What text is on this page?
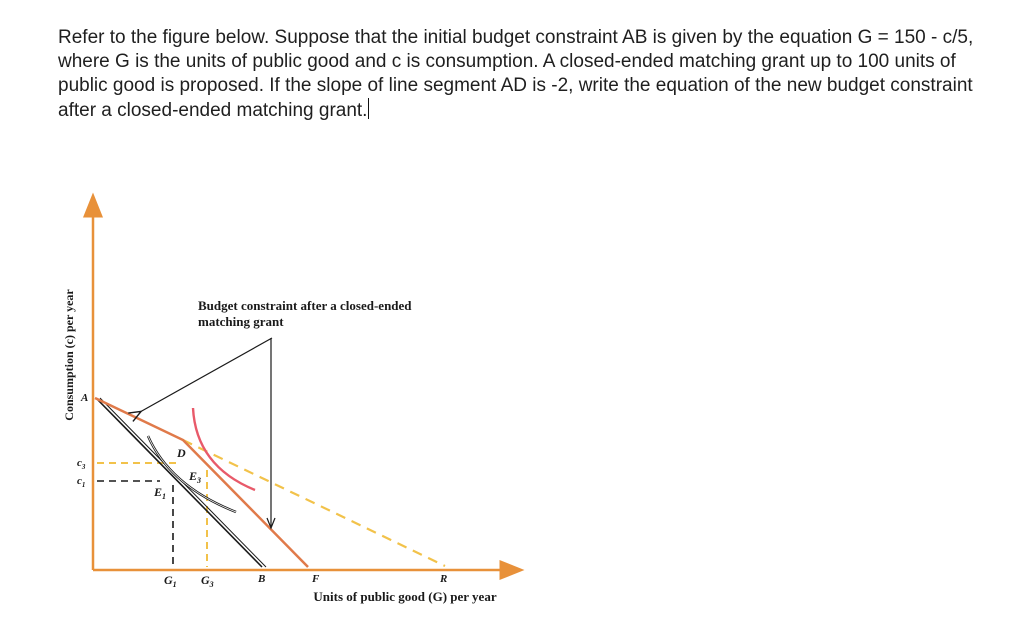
Refer to the figure below. Suppose that the initial budget constraint AB is given by the equation G = 150 - c/5, where G is the units of public good and c is consumption. A closed-ended matching grant up to 100 units of public good is proposed. If the slope of line segment AD is -2, write the equation of the new budget constraint after a closed-ended matching grant.
Consumption (c) per year
Units of public good (G) per year
Budget constraint after a closed-ended
matching grant
A
D
$E_3$
$E_1$
$c_3$
$c_1$
$G_1$ $G_3$	B	F	R
